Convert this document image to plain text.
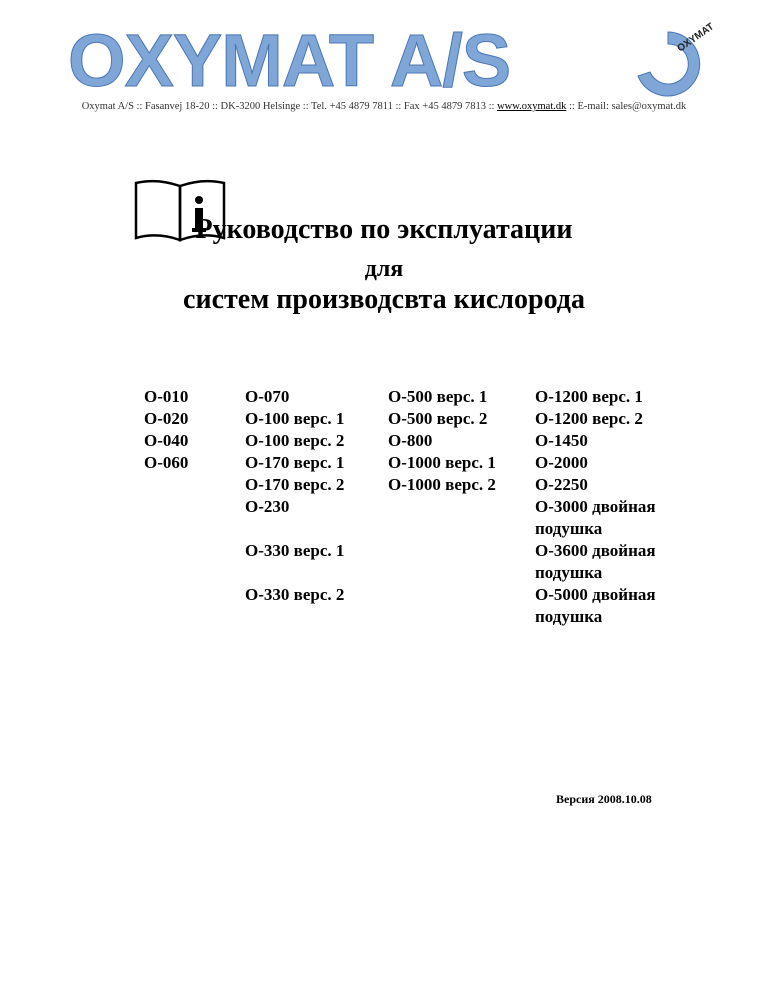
OXYMAT A/S	OXYMAT
Oxymat A/S :: Fasanvej 18-20 :: DK-3200 Helsinge :: Tel. +45 4879 7811 :: Fax +45 4879 7813 :: www.oxymat.dk :: E-mail: sales@oxymat.dk
Руководство по эксплуатации
для
систем производсвта кислорода
O-010
O-020
O-040
O-060
O-070
O-100 верс. 1
O-100 верс. 2
O-170 верс. 1
O-170 верс. 2
O-230
O-330 верс. 1
O-330 верс. 2
O-500 верс. 1
O-500 верс. 2
O-800
O-1000 верс. 1
O-1000 верс. 2
O-1200 верс. 1
O-1200 верс. 2
O-1450
O-2000
O-2250
O-3000 двойная
подушка
O-3600 двойная
подушка
O-5000 двойная
подушка
Версия 2008.10.08
